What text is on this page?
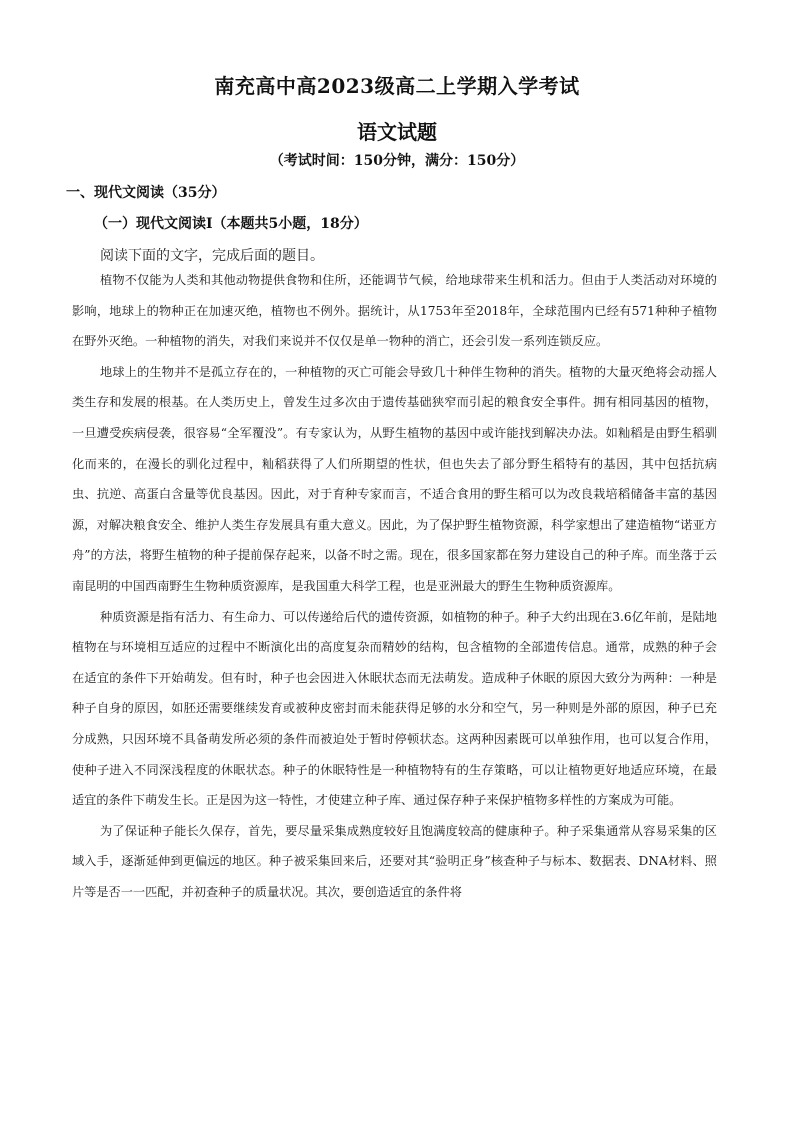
南充高中高2023级高二上学期入学考试
语文试题
（考试时间：150分钟，满分：150分）
一、现代文阅读（35分）
（一）现代文阅读Ⅰ（本题共5小题，18分）
阅读下面的文字，完成后面的题目。

植物不仅能为人类和其他动物提供食物和住所，还能调节气候，给地球带来生机和活力。但由于人类活动对环境的影响，地球上的物种正在加速灭绝，植物也不例外。据统计，从1753年至2018年，全球范围内已经有571种种子植物在野外灭绝。一种植物的消失，对我们来说并不仅仅是单一物种的消亡，还会引发一系列连锁反应。

地球上的生物并不是孤立存在的，一种植物的灭亡可能会导致几十种伴生物种的消失。植物的大量灭绝将会动摇人类生存和发展的根基。在人类历史上，曾发生过多次由于遗传基础狭窄而引起的粮食安全事件。拥有相同基因的植物，一旦遭受疾病侵袭，很容易“全军覆没”。有专家认为，从野生植物的基因中或许能找到解决办法。如籼稻是由野生稻驯化而来的，在漫长的驯化过程中，籼稻获得了人们所期望的性状，但也失去了部分野生稻特有的基因，其中包括抗病虫、抗逆、高蛋白含量等优良基因。因此，对于育种专家而言，不适合食用的野生稻可以为改良栽培稻储备丰富的基因源，对解决粮食安全、维护人类生存发展具有重大意义。因此，为了保护野生植物资源，科学家想出了建造植物“诺亚方舟”的方法，将野生植物的种子提前保存起来，以备不时之需。现在，很多国家都在努力建设自己的种子库。而坐落于云南昆明的中国西南野生生物种质资源库，是我国重大科学工程，也是亚洲最大的野生生物种质资源库。

种质资源是指有活力、有生命力、可以传递给后代的遗传资源，如植物的种子。种子大约出现在3.6亿年前，是陆地植物在与环境相互适应的过程中不断演化出的高度复杂而精妙的结构，包含植物的全部遗传信息。通常，成熟的种子会在适宜的条件下开始萌发。但有时，种子也会因进入休眠状态而无法萌发。造成种子休眠的原因大致分为两种：一种是种子自身的原因，如胚还需要继续发育或被种皮密封而未能获得足够的水分和空气，另一种则是外部的原因，种子已充分成熟，只因环境不具备萌发所必须的条件而被迫处于暂时停顿状态。这两种因素既可以单独作用，也可以复合作用，使种子进入不同深浅程度的休眠状态。种子的休眠特性是一种植物特有的生存策略，可以让植物更好地适应环境，在最适宜的条件下萌发生长。正是因为这一特性，才使建立种子库、通过保存种子来保护植物多样性的方案成为可能。

为了保证种子能长久保存，首先，要尽量采集成熟度较好且饱满度较高的健康种子。种子采集通常从容易采集的区域入手，逐渐延伸到更偏远的地区。种子被采集回来后，还要对其“验明正身”核查种子与标本、数据表、DNA材料、照片等是否一一匹配，并初查种子的质量状况。其次，要创造适宜的条件将
